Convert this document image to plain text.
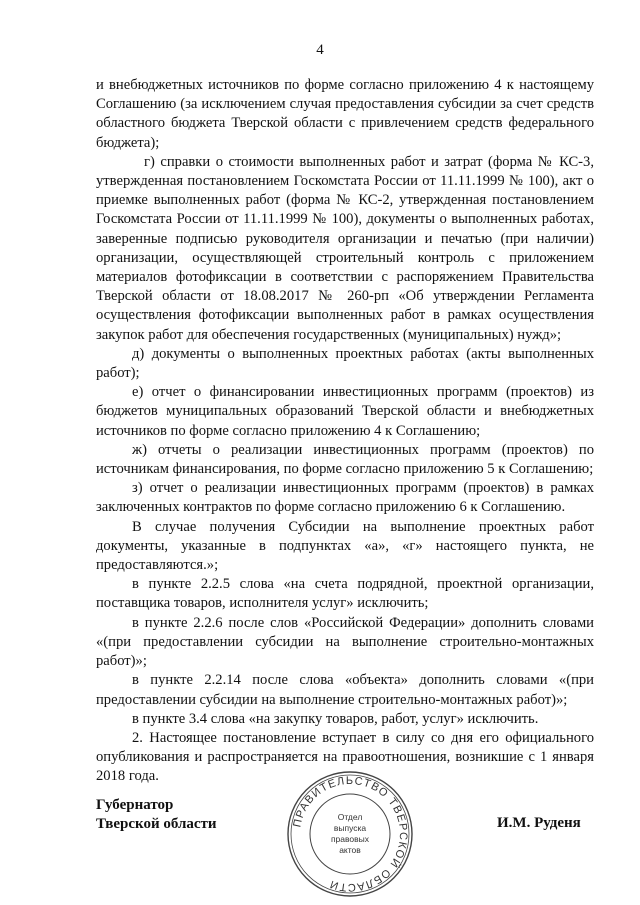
4

и внебюджетных источников по форме согласно приложению 4 к настоящему Соглашению (за исключением случая предоставления субсидии за счет средств областного бюджета Тверской области с привлечением средств федерального бюджета);

г) справки о стоимости выполненных работ и затрат (форма № КС-3, утвержденная постановлением Госкомстата России от 11.11.1999 № 100), акт о приемке выполненных работ (форма № КС-2, утвержденная постановлением Госкомстата России от 11.11.1999 № 100), документы о выполненных работах, заверенные подписью руководителя организации и печатью (при наличии) организации, осуществляющей строительный контроль с приложением материалов фотофиксации в соответствии с распоряжением Правительства Тверской области от 18.08.2017 № 260-рп «Об утверждении Регламента осуществления фотофиксации выполненных работ в рамках осуществления закупок работ для обеспечения государственных (муниципальных) нужд»;

д) документы о выполненных проектных работах (акты выполненных работ);

е) отчет о финансировании инвестиционных программ (проектов) из бюджетов муниципальных образований Тверской области и внебюджетных источников по форме согласно приложению 4 к Соглашению;

ж) отчеты о реализации инвестиционных программ (проектов) по источникам финансирования, по форме согласно приложению 5 к Соглашению;

з) отчет о реализации инвестиционных программ (проектов) в рамках заключенных контрактов по форме согласно приложению 6 к Соглашению.

В случае получения Субсидии на выполнение проектных работ документы, указанные в подпунктах «а», «г» настоящего пункта, не предоставляются.»;

в пункте 2.2.5 слова «на счета подрядной, проектной организации, поставщика товаров, исполнителя услуг» исключить;

в пункте 2.2.6 после слов «Российской Федерации» дополнить словами «(при предоставлении субсидии на выполнение строительно-монтажных работ)»;

в пункте 2.2.14 после слова «объекта» дополнить словами «(при предоставлении субсидии на выполнение строительно-монтажных работ)»;

в пункте 3.4 слова «на закупку товаров, работ, услуг» исключить.

2. Настоящее постановление вступает в силу со дня его официального опубликования и распространяется на правоотношения, возникшие с 1 января 2018 года.

Губернатор
Тверской области	ПРАВИТЕЛЬСТВО ТВЕРСКОЙ ОБЛАСТИ
Отдел
выпуска
правовых
актов
И.М. Руденя
